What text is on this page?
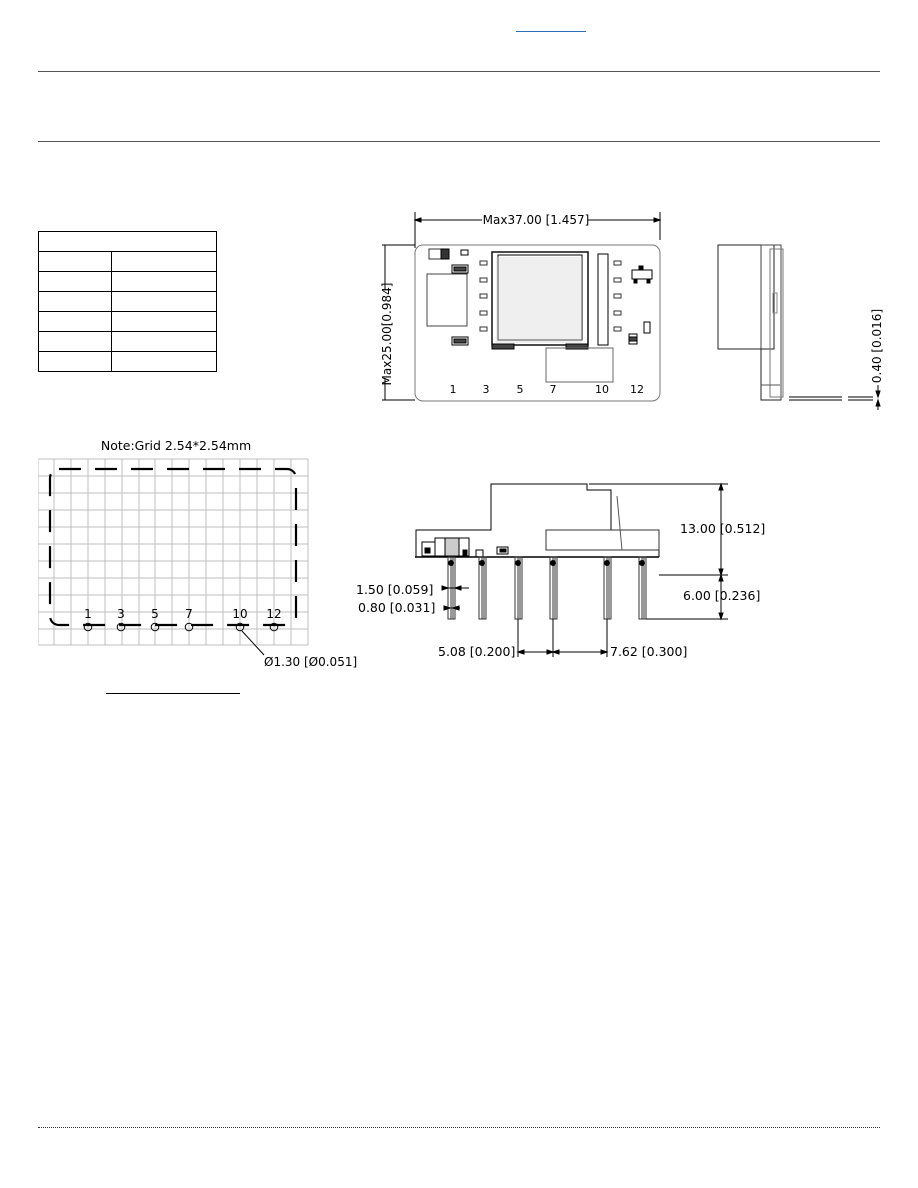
Max37.00 [1.457]
Max25.00[0.984]
1 3 5 7	10 12
0.40 [0.016]
Note:Grid 2.54*2.54mm
1 3 5 7	10 12
Ø1.30 [Ø0.051]
13.00 [0.512]
6.00 [0.236]
1.50 [0.059]
0.80 [0.031]
5.08 [0.200]	7.62 [0.300]
